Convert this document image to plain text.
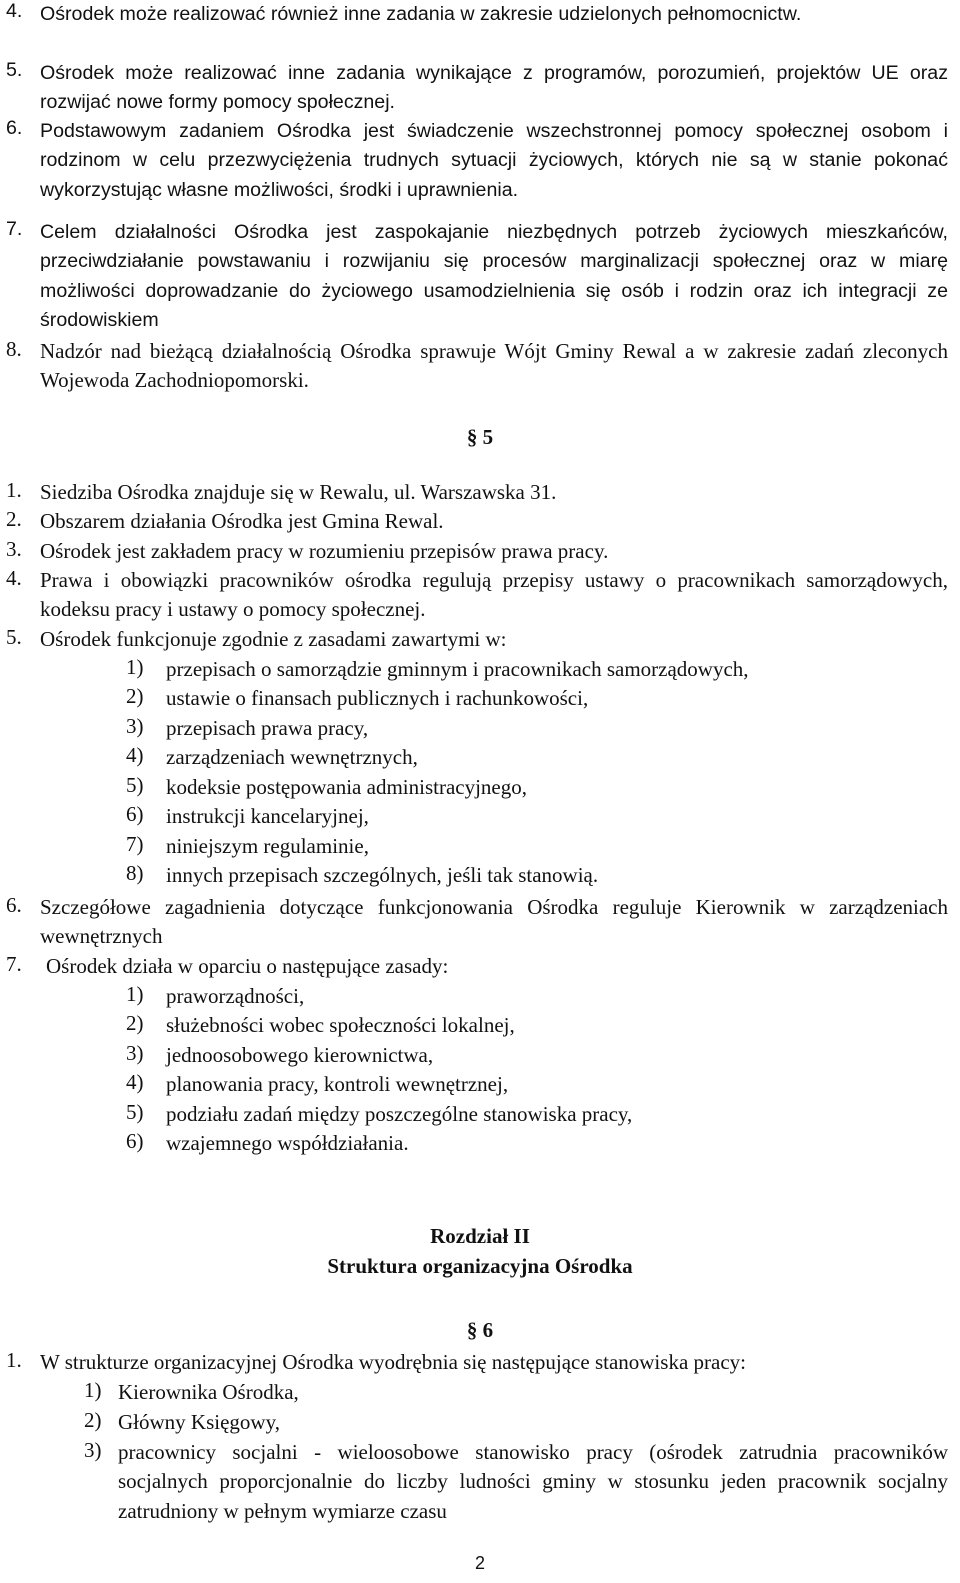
4. Ośrodek może realizować również inne zadania w zakresie udzielonych pełnomocnictw.
5. Ośrodek może realizować inne zadania wynikające z programów, porozumień, projektów UE oraz rozwijać nowe formy pomocy społecznej.
6. Podstawowym zadaniem Ośrodka jest świadczenie wszechstronnej pomocy społecznej osobom i rodzinom w celu przezwyciężenia trudnych sytuacji życiowych, których nie są w stanie pokonać wykorzystując własne możliwości, środki i uprawnienia.
7. Celem działalności Ośrodka jest zaspokajanie niezbędnych potrzeb życiowych mieszkańców, przeciwdziałanie powstawaniu i rozwijaniu się procesów marginalizacji społecznej oraz w miarę możliwości doprowadzanie do życiowego usamodzielnienia się osób i rodzin oraz ich integracji ze środowiskiem
8. Nadzór nad bieżącą działalnością Ośrodka sprawuje Wójt Gminy Rewal a w zakresie zadań zleconych Wojewoda Zachodniopomorski.
§ 5
1. Siedziba Ośrodka znajduje się w Rewalu, ul. Warszawska 31.
2. Obszarem działania Ośrodka jest Gmina Rewal.
3. Ośrodek jest zakładem pracy w rozumieniu przepisów prawa pracy.
4. Prawa i obowiązki pracowników ośrodka regulują przepisy ustawy o pracownikach samorządowych, kodeksu pracy i ustawy o pomocy społecznej.
5. Ośrodek funkcjonuje zgodnie z zasadami zawartymi w:
1) przepisach o samorządzie gminnym i pracownikach samorządowych,
2) ustawie o finansach publicznych i rachunkowości,
3) przepisach prawa pracy,
4) zarządzeniach wewnętrznych,
5) kodeksie postępowania administracyjnego,
6) instrukcji kancelaryjnej,
7) niniejszym regulaminie,
8) innych przepisach szczególnych, jeśli tak stanowią.
6. Szczegółowe zagadnienia dotyczące funkcjonowania Ośrodka reguluje Kierownik w zarządzeniach wewnętrznych
7. Ośrodek działa w oparciu o następujące zasady:
1) praworządności,
2) służebności wobec społeczności lokalnej,
3) jednoosobowego kierownictwa,
4) planowania pracy, kontroli wewnętrznej,
5) podziału zadań między poszczególne stanowiska pracy,
6) wzajemnego współdziałania.
Rozdział II
Struktura organizacyjna Ośrodka
§ 6
1. W strukturze organizacyjnej Ośrodka wyodrębnia się następujące stanowiska pracy:
1) Kierownika Ośrodka,
2) Główny Księgowy,
3) pracownicy socjalni - wieloosobowe stanowisko pracy (ośrodek zatrudnia pracowników socjalnych proporcjonalnie do liczby ludności gminy w stosunku jeden pracownik socjalny zatrudniony w pełnym wymiarze czasu
2
